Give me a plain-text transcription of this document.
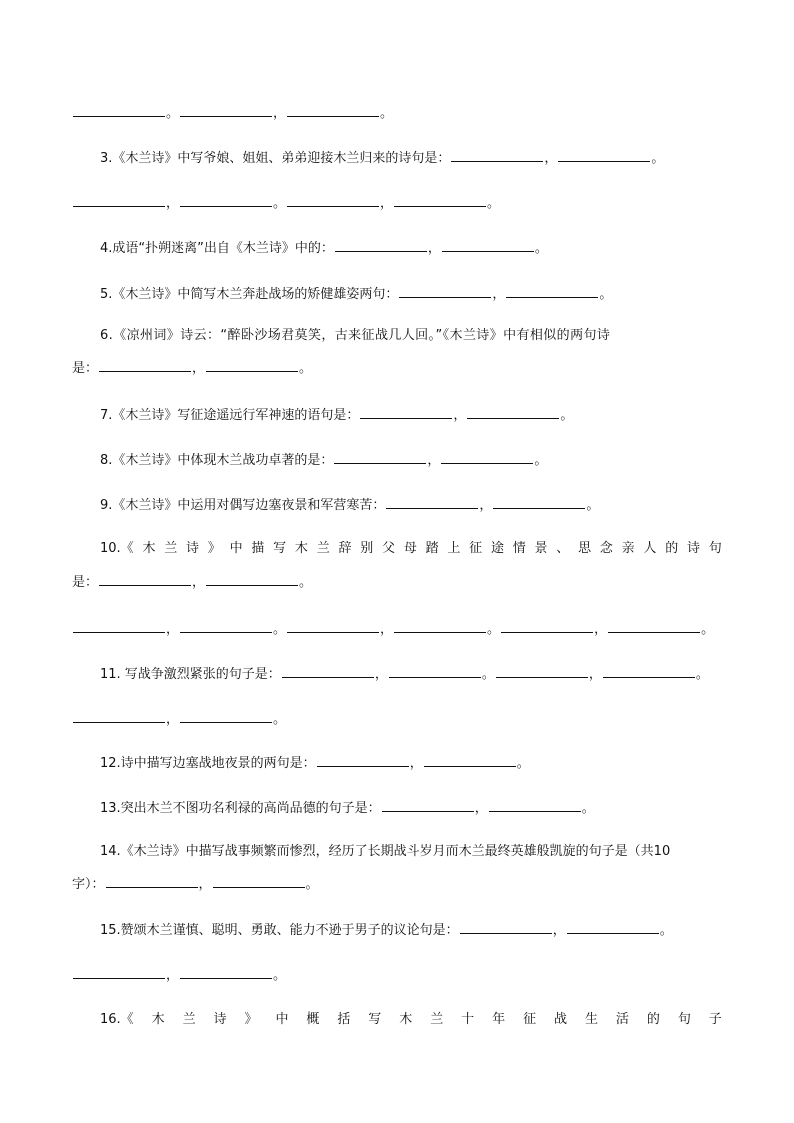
。	，	。
3.《木兰诗》中写爷娘、姐姐、弟弟迎接木兰归来的诗句是：	，	。
，	。	，	。
4.成语“扑朔迷离”出自《木兰诗》中的：	，	。
5.《木兰诗》中简写木兰奔赴战场的矫健雄姿两句：	，	。
6.《凉州词》诗云：“醉卧沙场君莫笑，古来征战几人回。”《木兰诗》中有相似的两句诗
是：	，	。
7.《木兰诗》写征途遥远行军神速的语句是：	，	。
8.《木兰诗》中体现木兰战功卓著的是：	，	。
9.《木兰诗》中运用对偶写边塞夜景和军营寒苦：	，	。
10.《 木 兰 诗 》 中 描 写 木 兰 辞 别 父 母 踏 上 征 途 情 景 、 思 念 亲 人 的 诗 句
是：	，	。
，	。	，	。	，	。
11. 写战争激烈紧张的句子是：	，	。	，	。
，	。
12.诗中描写边塞战地夜景的两句是：	，	。
13.突出木兰不图功名利禄的高尚品德的句子是：	，	。
14.《木兰诗》中描写战事频繁而惨烈，经历了长期战斗岁月而木兰最终英雄般凯旋的句子是（共10
字）：	，	。
15.赞颂木兰谨慎、聪明、勇敢、能力不逊于男子的议论句是：	，	。
，	。
16.《 木 兰 诗 》 中 概 括 写 木 兰 十 年 征 战 生 活 的 句 子
